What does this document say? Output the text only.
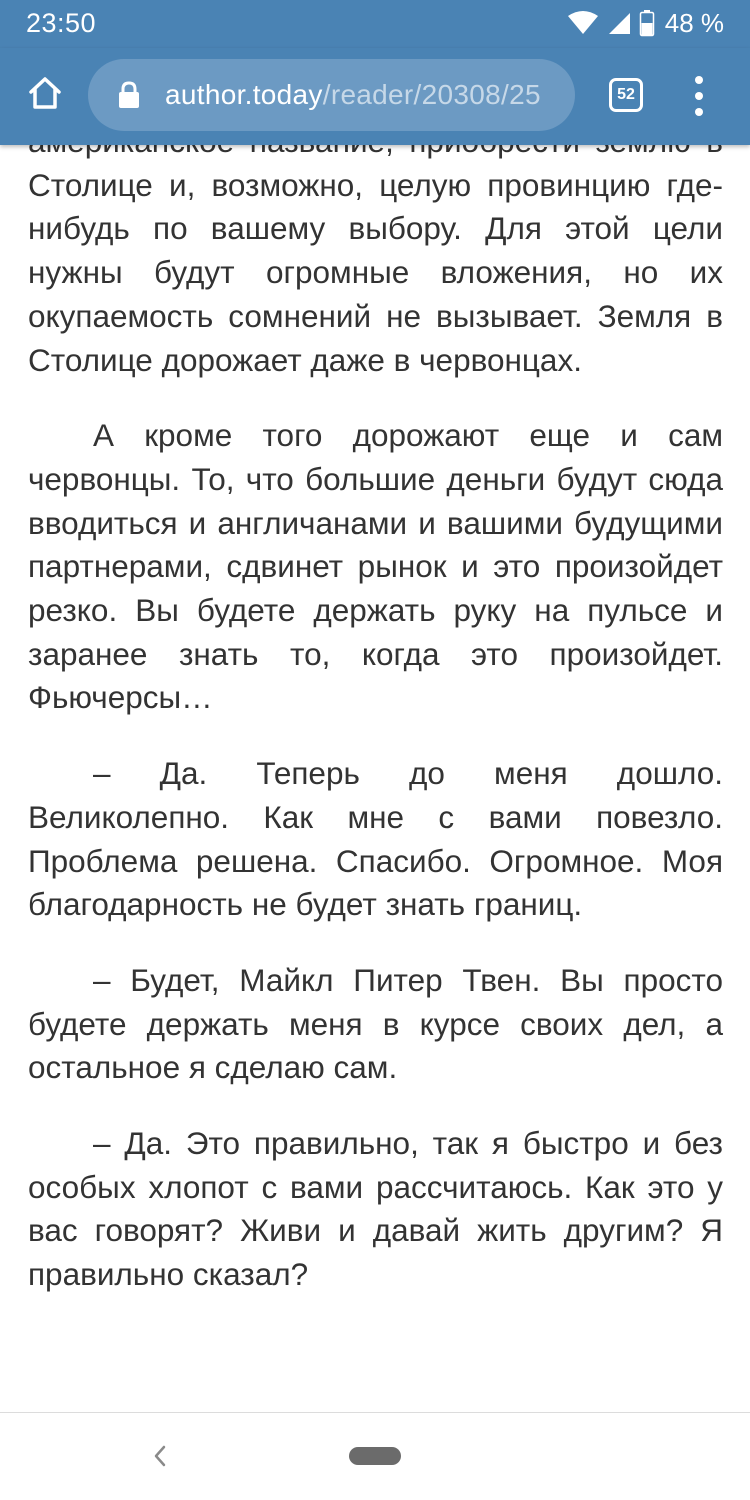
23:50	48 %
author.today/reader/20308/25	52

Столице и, возможно, целую провинцию где-нибудь по вашему выбору. Для этой цели нужны будут огромные вложения, но их окупаемость сомнений не вызывает. Земля в Столице дорожает даже в червонцах.

А кроме того дорожают еще и сам червонцы. То, что большие деньги будут сюда вводиться и англичанами и вашими будущими партнерами, сдвинет рынок и это произойдет резко. Вы будете держать руку на пульсе и заранее знать то, когда это произойдет. Фьючерсы…

– Да. Теперь до меня дошло. Великолепно. Как мне с вами повезло. Проблема решена. Спасибо. Огромное. Моя благодарность не будет знать границ.

– Будет, Майкл Питер Твен. Вы просто будете держать меня в курсе своих дел, а остальное я сделаю сам.

– Да. Это правильно, так я быстро и без особых хлопот с вами рассчитаюсь. Как это у вас говорят? Живи и давай жить другим? Я правильно сказал?
